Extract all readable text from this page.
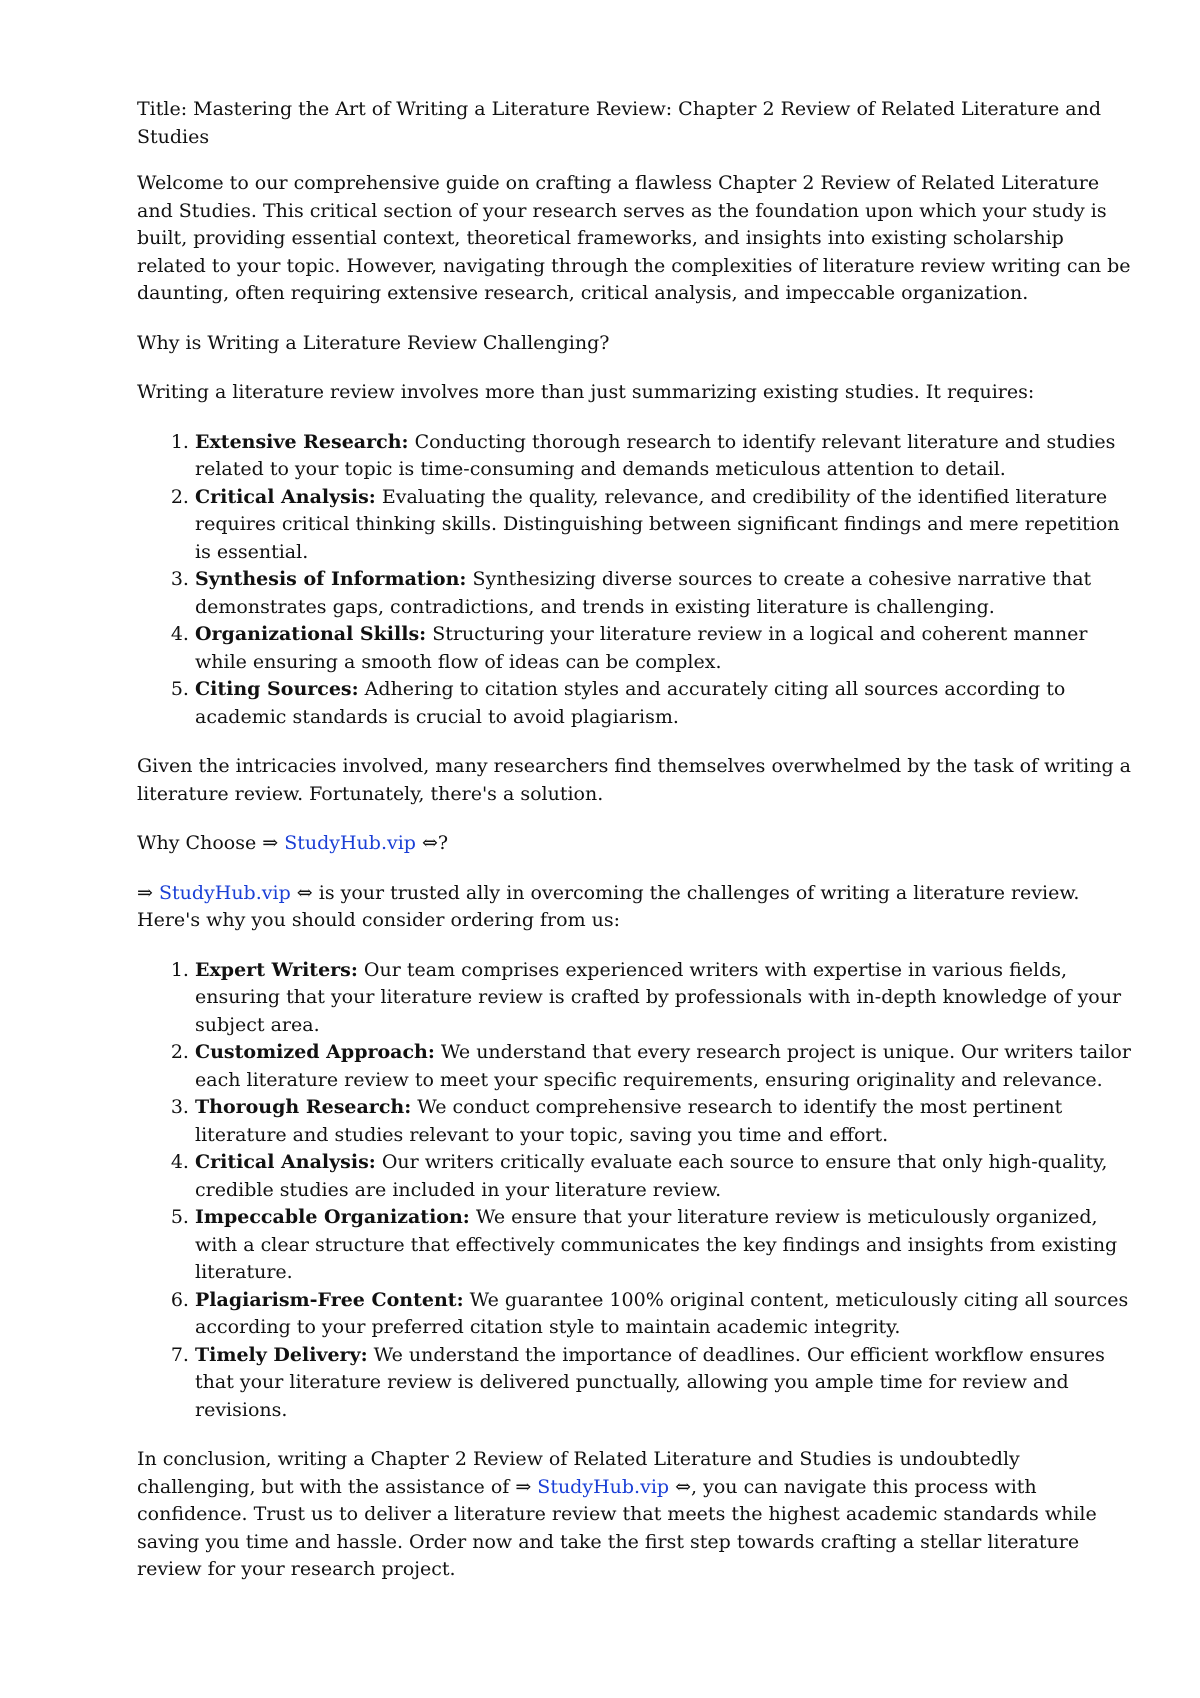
Title: Mastering the Art of Writing a Literature Review: Chapter 2 Review of Related Literature and Studies

Welcome to our comprehensive guide on crafting a flawless Chapter 2 Review of Related Literature and Studies. This critical section of your research serves as the foundation upon which your study is built, providing essential context, theoretical frameworks, and insights into existing scholarship related to your topic. However, navigating through the complexities of literature review writing can be daunting, often requiring extensive research, critical analysis, and impeccable organization.

Why is Writing a Literature Review Challenging?

Writing a literature review involves more than just summarizing existing studies. It requires:

1. Extensive Research: Conducting thorough research to identify relevant literature and studies related to your topic is time-consuming and demands meticulous attention to detail.
2. Critical Analysis: Evaluating the quality, relevance, and credibility of the identified literature requires critical thinking skills. Distinguishing between significant findings and mere repetition is essential.
3. Synthesis of Information: Synthesizing diverse sources to create a cohesive narrative that demonstrates gaps, contradictions, and trends in existing literature is challenging.
4. Organizational Skills: Structuring your literature review in a logical and coherent manner while ensuring a smooth flow of ideas can be complex.
5. Citing Sources: Adhering to citation styles and accurately citing all sources according to academic standards is crucial to avoid plagiarism.

Given the intricacies involved, many researchers find themselves overwhelmed by the task of writing a literature review. Fortunately, there's a solution.

Why Choose ⇒ StudyHub.vip ⇔?

⇒ StudyHub.vip ⇔ is your trusted ally in overcoming the challenges of writing a literature review. Here's why you should consider ordering from us:

1. Expert Writers: Our team comprises experienced writers with expertise in various fields, ensuring that your literature review is crafted by professionals with in-depth knowledge of your subject area.
2. Customized Approach: We understand that every research project is unique. Our writers tailor each literature review to meet your specific requirements, ensuring originality and relevance.
3. Thorough Research: We conduct comprehensive research to identify the most pertinent literature and studies relevant to your topic, saving you time and effort.
4. Critical Analysis: Our writers critically evaluate each source to ensure that only high-quality, credible studies are included in your literature review.
5. Impeccable Organization: We ensure that your literature review is meticulously organized, with a clear structure that effectively communicates the key findings and insights from existing literature.
6. Plagiarism-Free Content: We guarantee 100% original content, meticulously citing all sources according to your preferred citation style to maintain academic integrity.
7. Timely Delivery: We understand the importance of deadlines. Our efficient workflow ensures that your literature review is delivered punctually, allowing you ample time for review and revisions.

In conclusion, writing a Chapter 2 Review of Related Literature and Studies is undoubtedly challenging, but with the assistance of ⇒ StudyHub.vip ⇔, you can navigate this process with confidence. Trust us to deliver a literature review that meets the highest academic standards while saving you time and hassle. Order now and take the first step towards crafting a stellar literature review for your research project.
